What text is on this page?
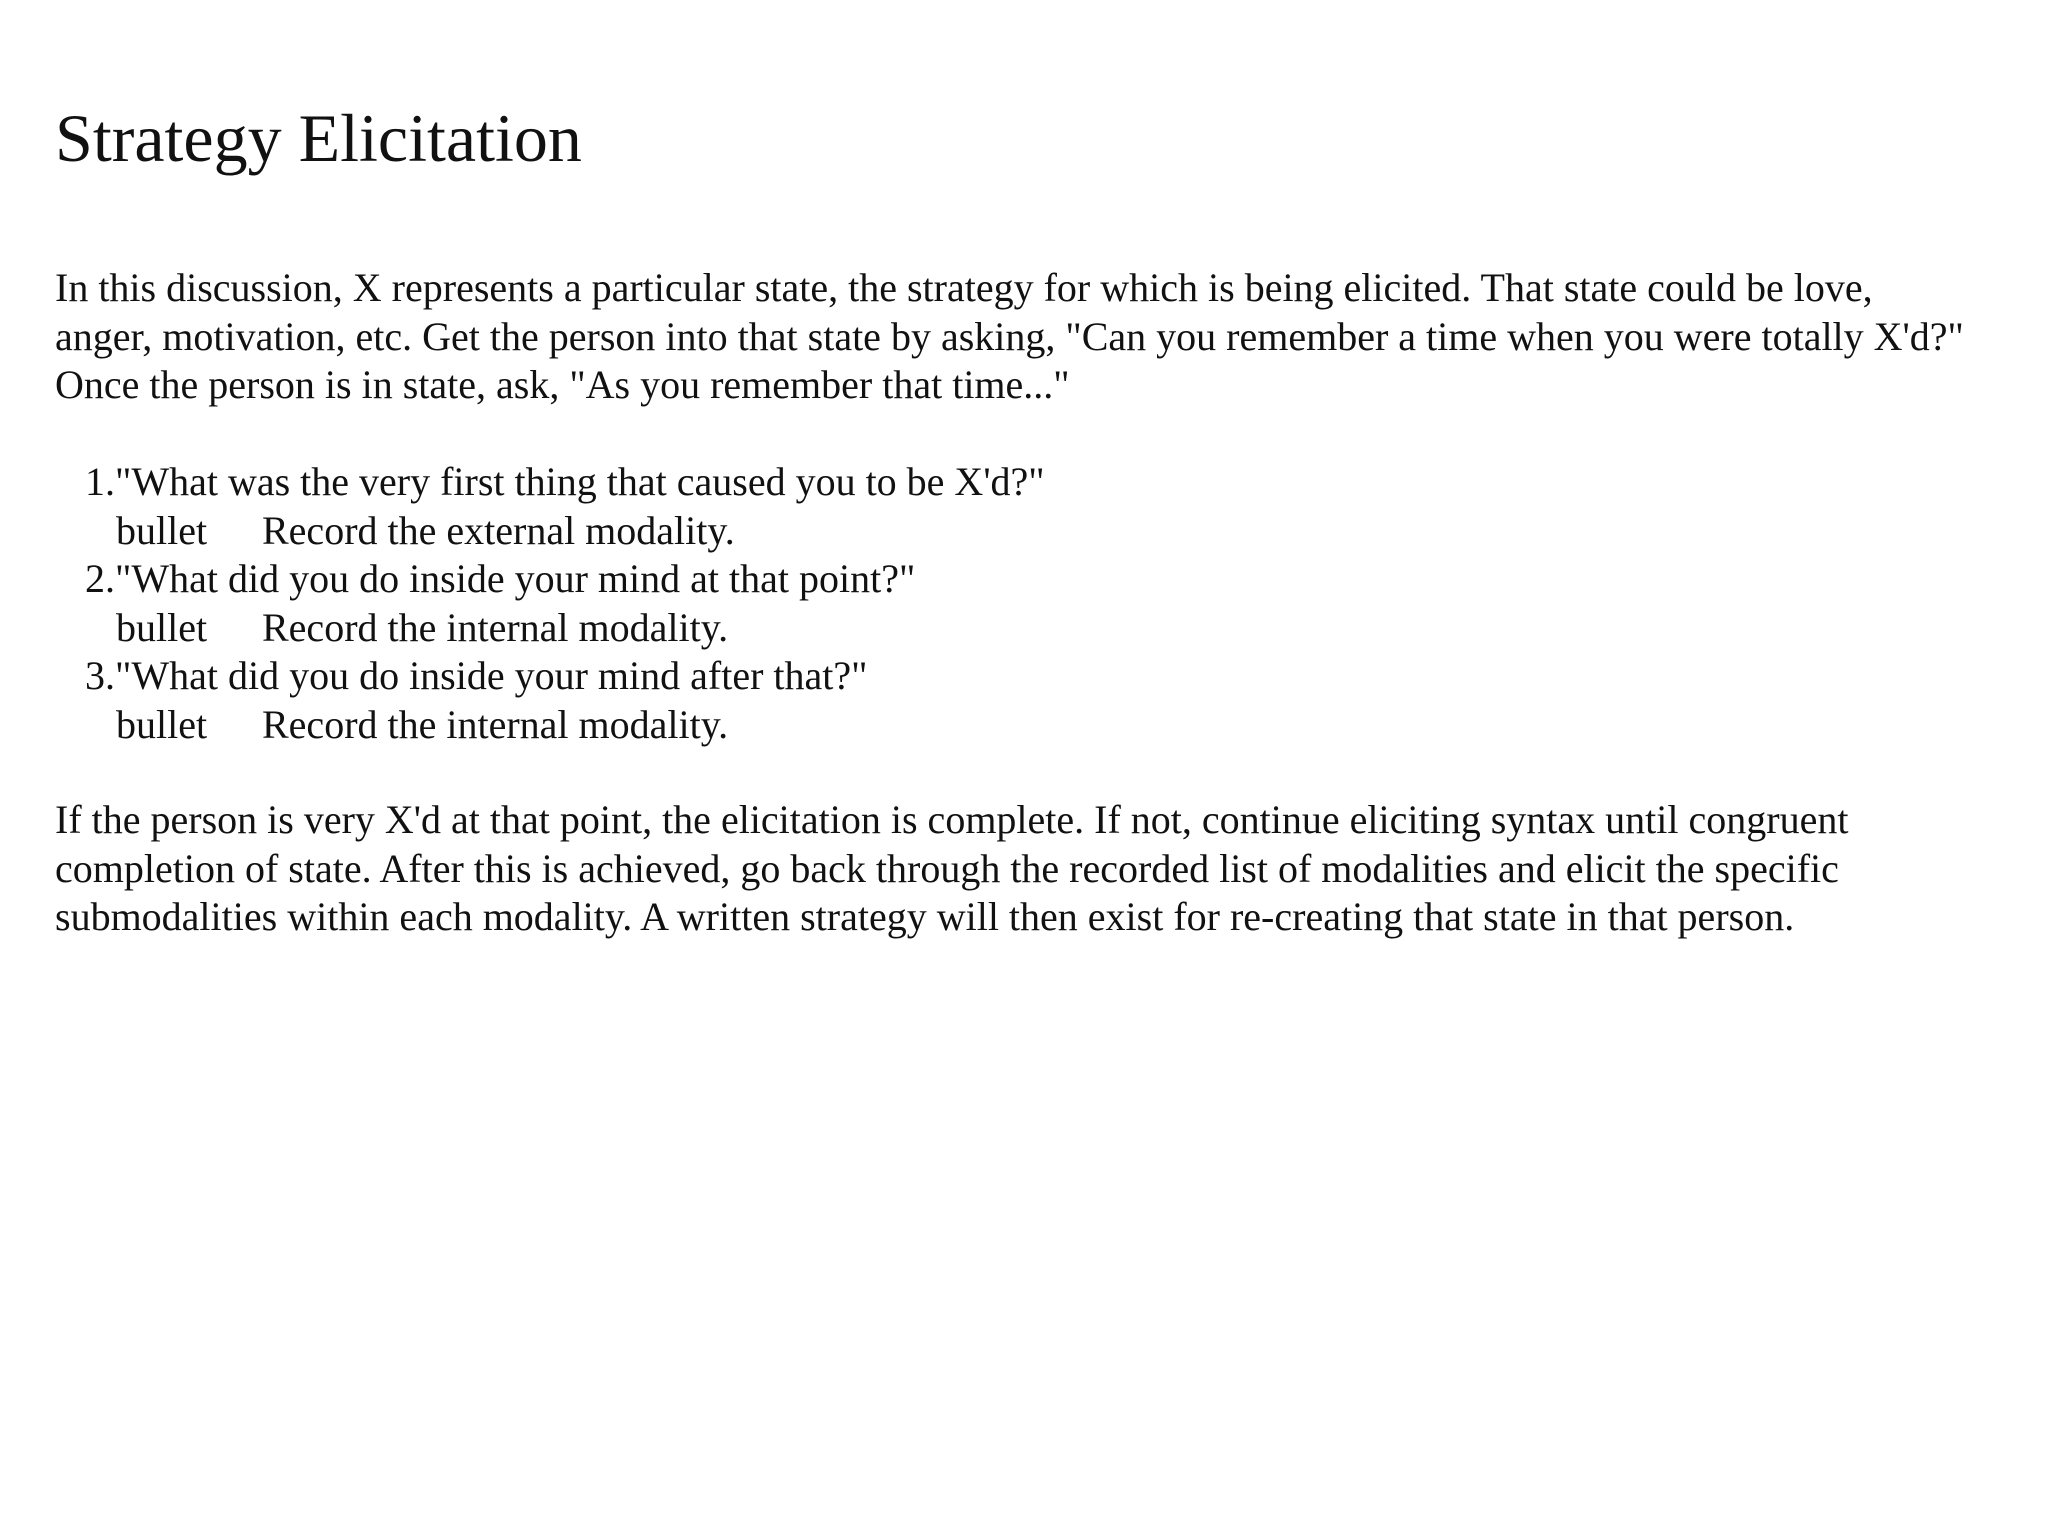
Strategy Elicitation

In this discussion, X represents a particular state, the strategy for which is being elicited. That state could be love, anger, motivation, etc. Get the person into that state by asking, "Can you remember a time when you were totally X'd?" Once the person is in state, ask, "As you remember that time..."

1."What was the very first thing that caused you to be X'd?"
bullet Record the external modality.
2."What did you do inside your mind at that point?"
bullet Record the internal modality.
3."What did you do inside your mind after that?"
bullet Record the internal modality.

If the person is very X'd at that point, the elicitation is complete. If not, continue eliciting syntax until congruent completion of state. After this is achieved, go back through the recorded list of modalities and elicit the specific submodalities within each modality. A written strategy will then exist for re-creating that state in that person.
